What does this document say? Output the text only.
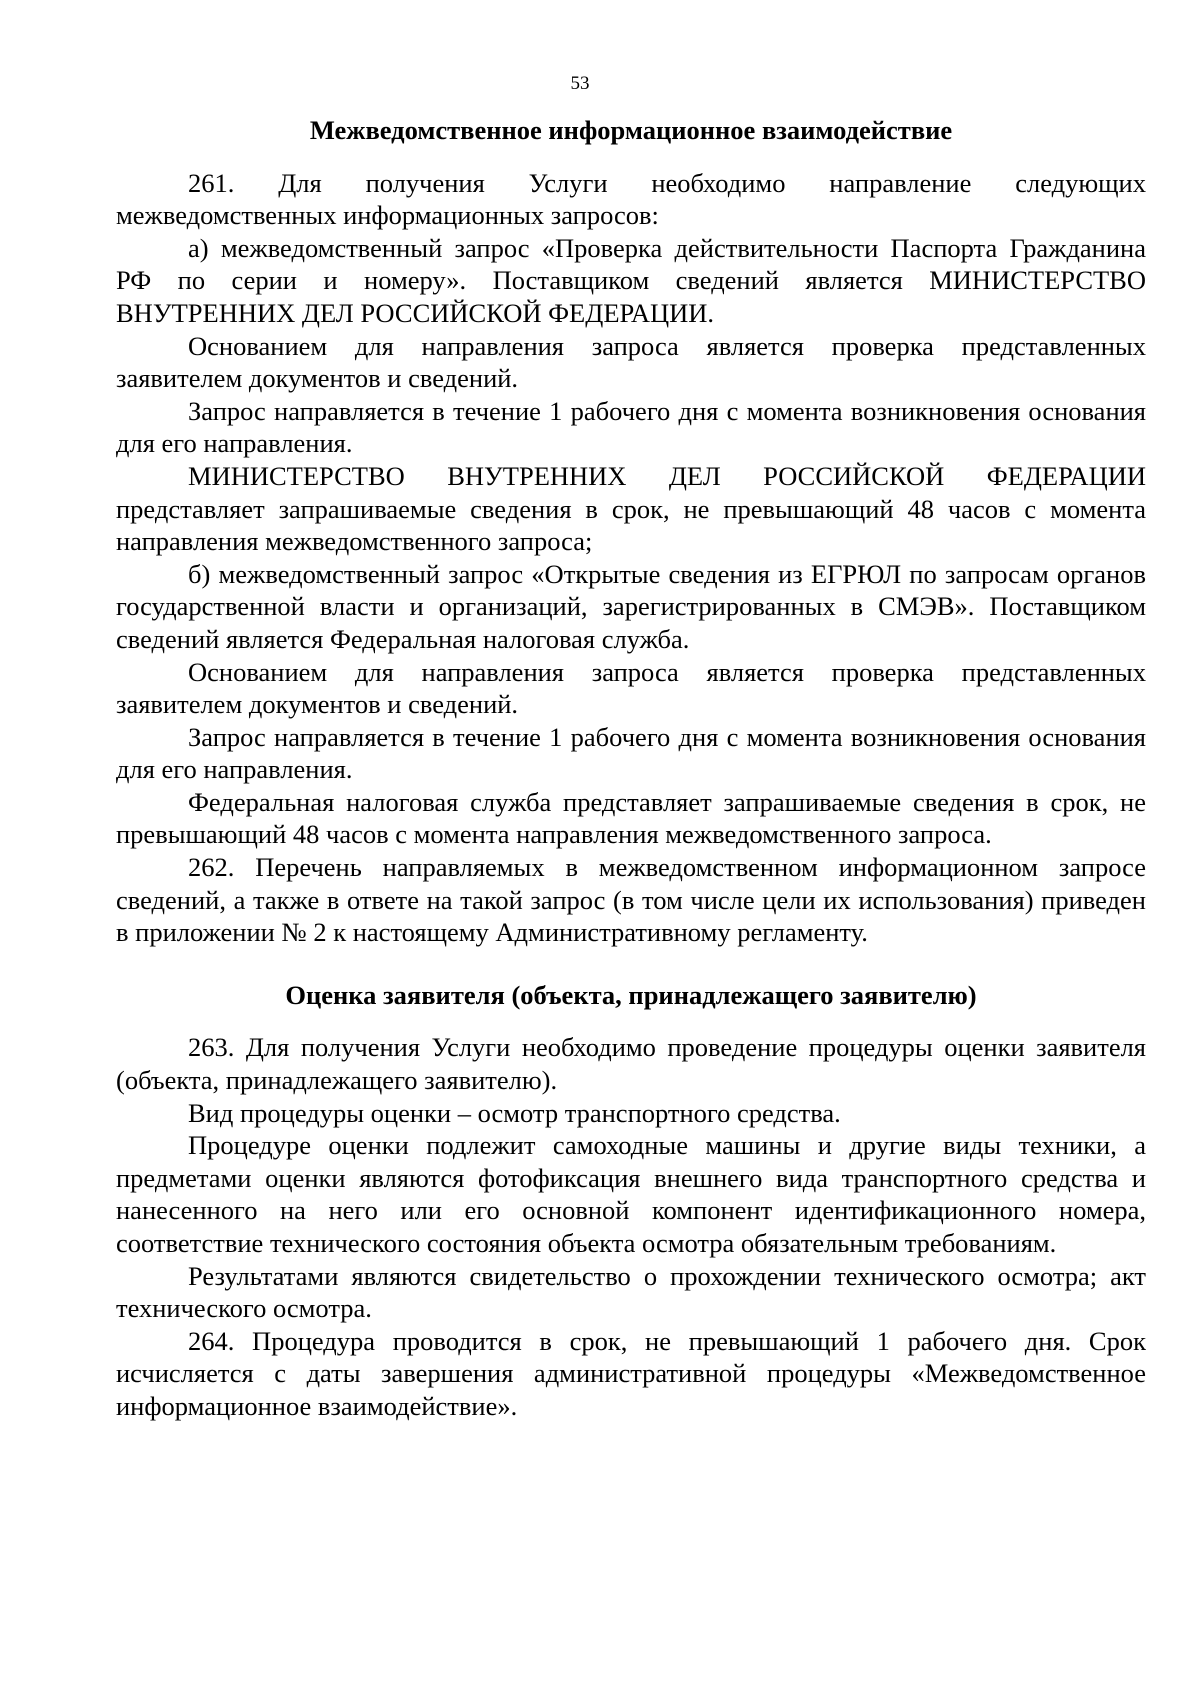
53
Межведомственное информационное взаимодействие

261. Для получения Услуги необходимо направление следующих межведомственных информационных запросов:

а) межведомственный запрос «Проверка действительности Паспорта Гражданина РФ по серии и номеру». Поставщиком сведений является МИНИСТЕРСТВО ВНУТРЕННИХ ДЕЛ РОССИЙСКОЙ ФЕДЕРАЦИИ.

Основанием для направления запроса является проверка представленных заявителем документов и сведений.

Запрос направляется в течение 1 рабочего дня с момента возникновения основания для его направления.

МИНИСТЕРСТВО ВНУТРЕННИХ ДЕЛ РОССИЙСКОЙ ФЕДЕРАЦИИ представляет запрашиваемые сведения в срок, не превышающий 48 часов с момента направления межведомственного запроса;

б) межведомственный запрос «Открытые сведения из ЕГРЮЛ по запросам органов государственной власти и организаций, зарегистрированных в СМЭВ». Поставщиком сведений является Федеральная налоговая служба.

Основанием для направления запроса является проверка представленных заявителем документов и сведений.

Запрос направляется в течение 1 рабочего дня с момента возникновения основания для его направления.

Федеральная налоговая служба представляет запрашиваемые сведения в срок, не превышающий 48 часов с момента направления межведомственного запроса.

262. Перечень направляемых в межведомственном информационном запросе сведений, а также в ответе на такой запрос (в том числе цели их использования) приведен в приложении № 2 к настоящему Административному регламенту.

Оценка заявителя (объекта, принадлежащего заявителю)

263. Для получения Услуги необходимо проведение процедуры оценки заявителя (объекта, принадлежащего заявителю).

Вид процедуры оценки – осмотр транспортного средства.

Процедуре оценки подлежит самоходные машины и другие виды техники, а предметами оценки являются фотофиксация внешнего вида транспортного средства и нанесенного на него или его основной компонент идентификационного номера, соответствие технического состояния объекта осмотра обязательным требованиям.

Результатами являются свидетельство о прохождении технического осмотра; акт технического осмотра.

264. Процедура проводится в срок, не превышающий 1 рабочего дня. Срок исчисляется с даты завершения административной процедуры «Межведомственное информационное взаимодействие».
